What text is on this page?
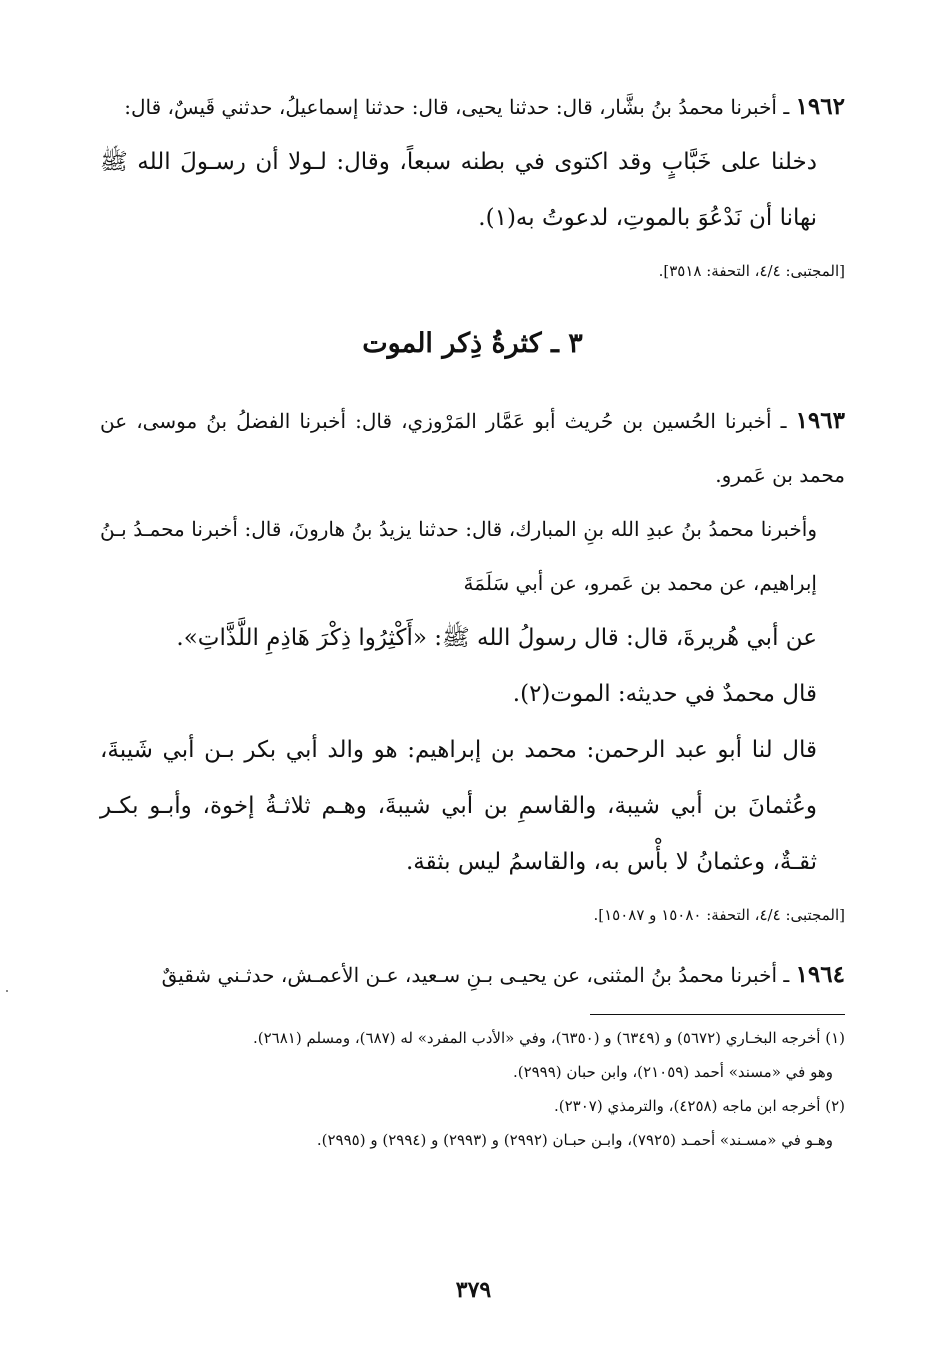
١٩٦٢ ـ أخبرنا محمدُ بنُ بشَّار، قال: حدثنا يحيى، قال: حدثنا إسماعيلُ، حدثني قَيسٌ، قال:

دخلنا على خَبَّابٍ وقد اكتوى في بطنه سبعاً، وقال: لـولا أن رسـولَ الله ﷺ نهانا أن نَدْعُوَ بالموتِ، لدعوتُ به(١).

[المجتبى: ٤/٤، التحفة: ٣٥١٨].

٣ ـ كثرةُ ذِكر الموت

١٩٦٣ ـ أخبرنا الحُسين بن حُريث أبو عَمَّار المَرْوزي، قال: أخبرنا الفضلُ بنُ موسى، عن محمد بن عَمرو.

وأخبرنا محمدُ بنُ عبدِ الله بنِ المبارك، قال: حدثنا يزيدُ بنُ هارونَ، قال: أخبرنا محمـدُ بـنُ إبراهيم، عن محمد بن عَمرو، عن أبي سَلَمَةَ

عن أبي هُريرةَ، قال: قال رسولُ الله ﷺ: «أَكْثِرُوا ذِكْرَ هَاذِمِ اللَّذَّاتِ».

قال محمدٌ في حديثه: الموت(٢).

قال لنا أبو عبد الرحمن: محمد بن إبراهيم: هو والد أبي بكر بـن أبي شَيبةَ، وعُثمانَ بن أبي شيبة، والقاسمِ بن أبي شيبةَ، وهـم ثلاثـةُ إخوة، وأبـو بكـر ثقـةٌ، وعثمانُ لا بأْس به، والقاسمُ ليس بثقة.

[المجتبى: ٤/٤، التحفة: ١٥٠٨٠ و ١٥٠٨٧].

١٩٦٤ ـ أخبرنا محمدُ بنُ المثنى، عن يحيـى بـنِ سـعيد، عـن الأعمـش، حدثـني شقيقٌ

(١) أخرجه البخـاري (٥٦٧٢) و (٦٣٤٩) و (٦٣٥٠)، وفي «الأدب المفرد» له (٦٨٧)، ومسلم (٢٦٨١).

وهو في «مسند» أحمد (٢١٠٥٩)، وابن حبان (٢٩٩٩).

(٢) أخرجه ابن ماجه (٤٢٥٨)، والترمذي (٢٣٠٧).

وهـو في «مسـند» أحمـد (٧٩٢٥)، وابـن حبـان (٢٩٩٢) و (٢٩٩٣) و (٢٩٩٤) و (٢٩٩٥).

٣٧٩
